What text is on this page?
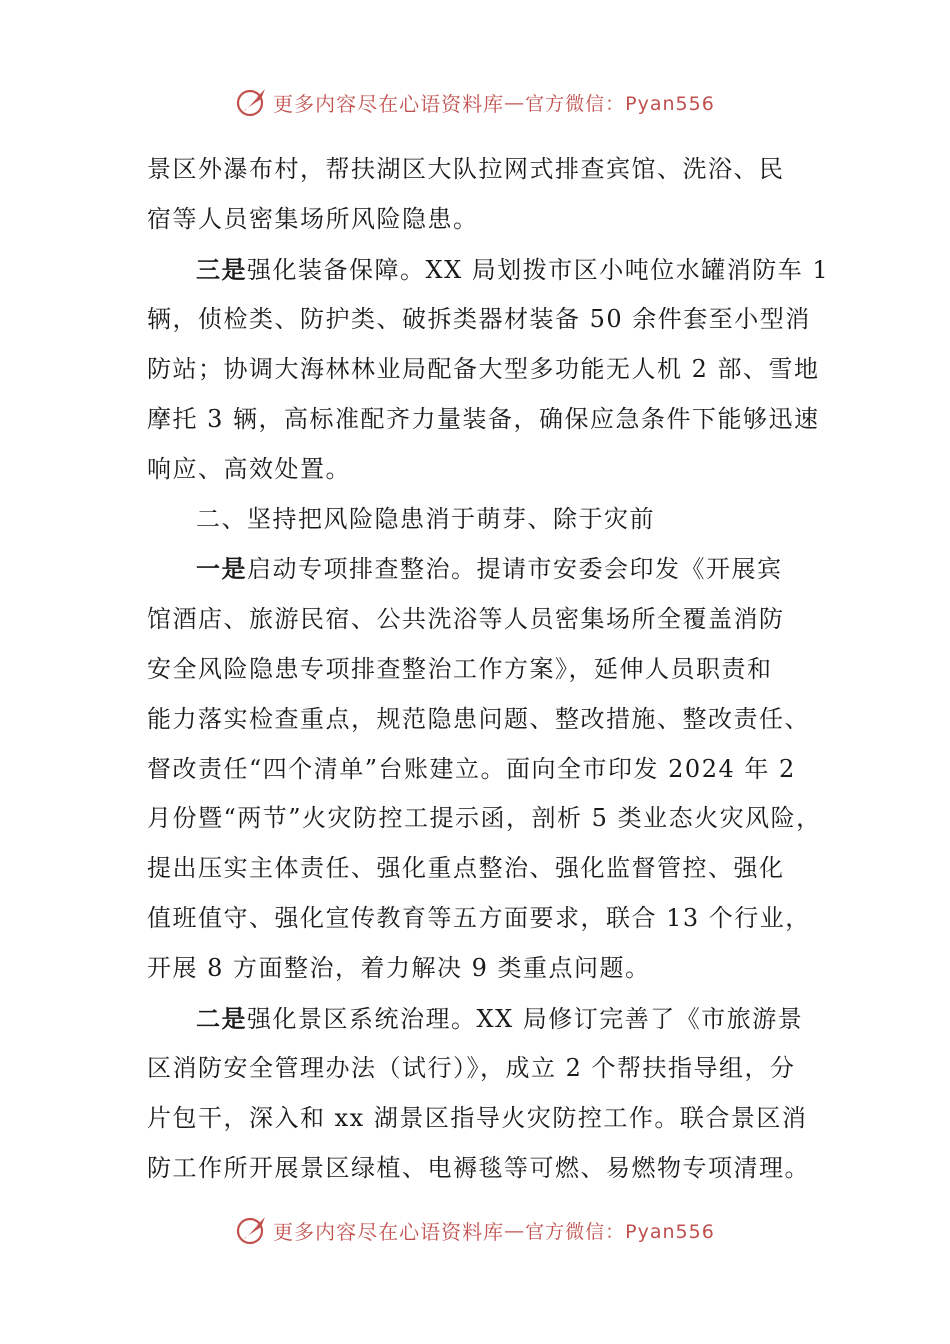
更多内容尽在心语资料库 — 官方微信：Pyan556

景区外瀑布村，帮扶湖区大队拉网式排查宾馆、洗浴、民

宿等人员密集场所风险隐患。

三是强化装备保障。XX 局划拨市区小吨位水罐消防车 1

辆，侦检类、防护类、破拆类器材装备 50 余件套至小型消

防站；协调大海林林业局配备大型多功能无人机 2 部、雪地

摩托 3 辆，高标准配齐力量装备，确保应急条件下能够迅速

响应、高效处置。

二、坚持把风险隐患消于萌芽、除于灾前

一是启动专项排查整治。提请市安委会印发《开展宾

馆酒店、旅游民宿、公共洗浴等人员密集场所全覆盖消防

安全风险隐患专项排查整治工作方案》，延伸人员职责和

能力落实检查重点，规范隐患问题、整改措施、整改责任、

督改责任“四个清单”台账建立。面向全市印发 2024 年 2

月份暨“两节”火灾防控工提示函，剖析 5 类业态火灾风险，

提出压实主体责任、强化重点整治、强化监督管控、强化

值班值守、强化宣传教育等五方面要求，联合 13 个行业，

开展 8 方面整治，着力解决 9 类重点问题。

二是强化景区系统治理。XX 局修订完善了《市旅游景

区消防安全管理办法（试行）》，成立 2 个帮扶指导组，分

片包干，深入和 xx 湖景区指导火灾防控工作。联合景区消

防工作所开展景区绿植、电褥毯等可燃、易燃物专项清理。

更多内容尽在心语资料库 — 官方微信：Pyan556
